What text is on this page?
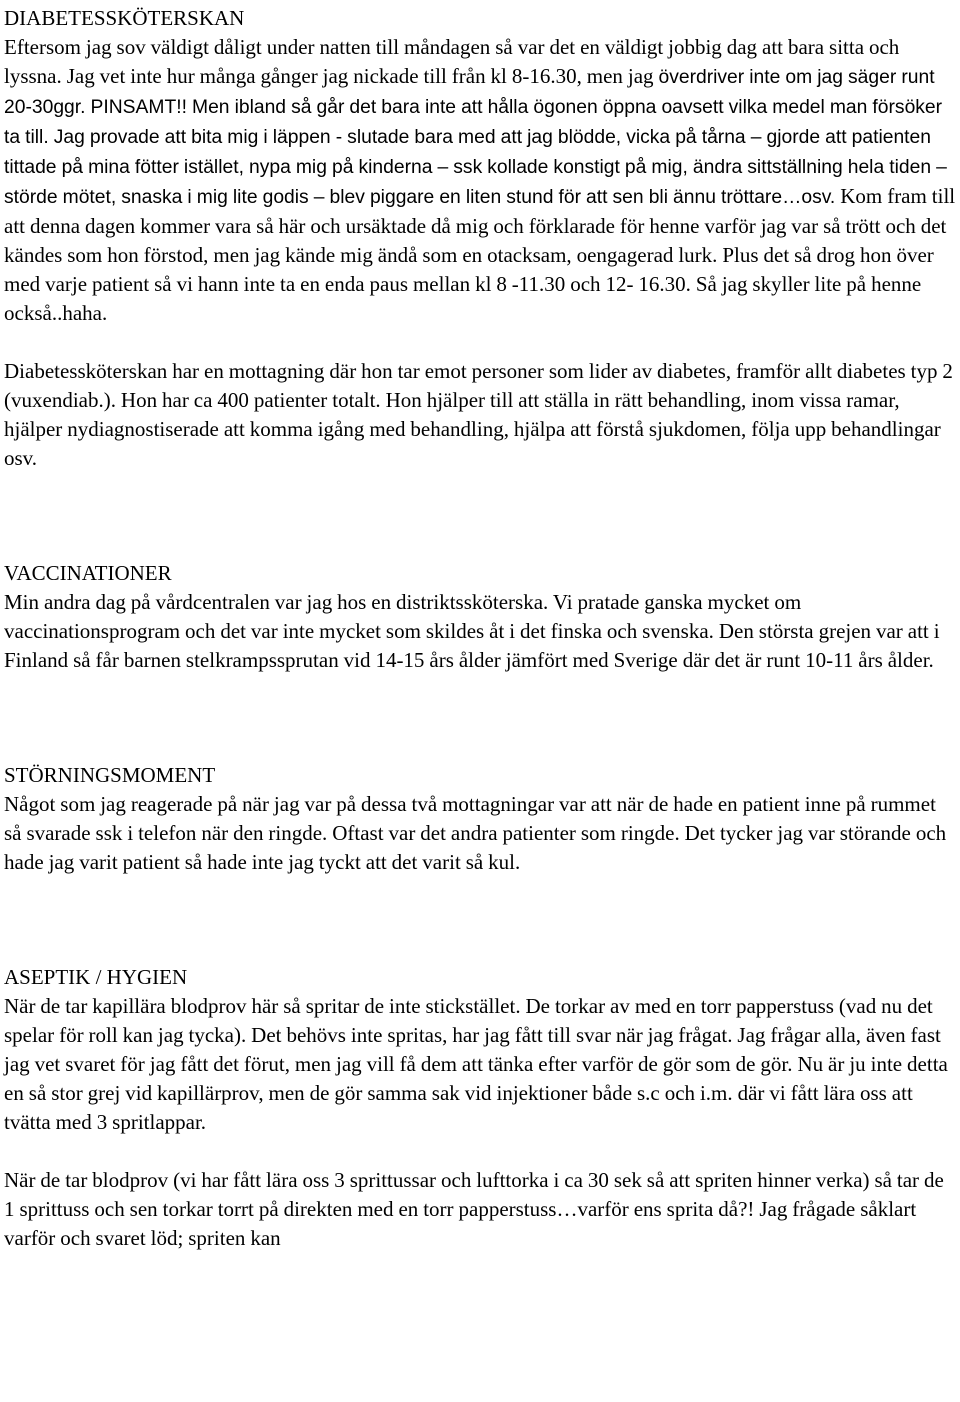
DIABETESSKÖTERSKAN

Eftersom jag sov väldigt dåligt under natten till måndagen så var det en väldigt jobbig dag att bara sitta och lyssna. Jag vet inte hur många gånger jag nickade till från kl 8-16.30, men jag överdriver inte om jag säger runt 20-30ggr. PINSAMT!! Men ibland så går det bara inte att hålla ögonen öppna oavsett vilka medel man försöker ta till. Jag provade att bita mig i läppen - slutade bara med att jag blödde, vicka på tårna – gjorde att patienten tittade på mina fötter istället, nypa mig på kinderna – ssk kollade konstigt på mig, ändra sittställning hela tiden – störde mötet, snaska i mig lite godis – blev piggare en liten stund för att sen bli ännu tröttare…osv. Kom fram till att denna dagen kommer vara så här och ursäktade då mig och förklarade för henne varför jag var så trött och det kändes som hon förstod, men jag kände mig ändå som en otacksam, oengagerad lurk. Plus det så drog hon över med varje patient så vi hann inte ta en enda paus mellan kl 8 -11.30 och 12- 16.30. Så jag skyller lite på henne också..haha.

Diabetessköterskan har en mottagning där hon tar emot personer som lider av diabetes, framför allt diabetes typ 2 (vuxendiab.). Hon har ca 400 patienter totalt. Hon hjälper till att ställa in rätt behandling, inom vissa ramar, hjälper nydiagnostiserade att komma igång med behandling, hjälpa att förstå sjukdomen, följa upp behandlingar osv.

VACCINATIONER

Min andra dag på vårdcentralen var jag hos en distriktssköterska. Vi pratade ganska mycket om vaccinationsprogram och det var inte mycket som skildes åt i det finska och svenska. Den största grejen var att i Finland så får barnen stelkrampssprutan vid 14-15 års ålder jämfört med Sverige där det är runt 10-11 års ålder.

STÖRNINGSMOMENT

Något som jag reagerade på när jag var på dessa två mottagningar var att när de hade en patient inne på rummet så svarade ssk i telefon när den ringde. Oftast var det andra patienter som ringde. Det tycker jag var störande och hade jag varit patient så hade inte jag tyckt att det varit så kul.

ASEPTIK / HYGIEN

När de tar kapillära blodprov här så spritar de inte stickstället. De torkar av med en torr papperstuss (vad nu det spelar för roll kan jag tycka). Det behövs inte spritas, har jag fått till svar när jag frågat. Jag frågar alla, även fast jag vet svaret för jag fått det förut, men jag vill få dem att tänka efter varför de gör som de gör. Nu är ju inte detta en så stor grej vid kapillärprov, men de gör samma sak vid injektioner både s.c och i.m. där vi fått lära oss att tvätta med 3 spritlappar.

När de tar blodprov (vi har fått lära oss 3 sprittussar och lufttorka i ca 30 sek så att spriten hinner verka) så tar de 1 sprittuss och sen torkar torrt på direkten med en torr papperstuss…varför ens sprita då?! Jag frågade såklart varför och svaret löd; spriten kan
